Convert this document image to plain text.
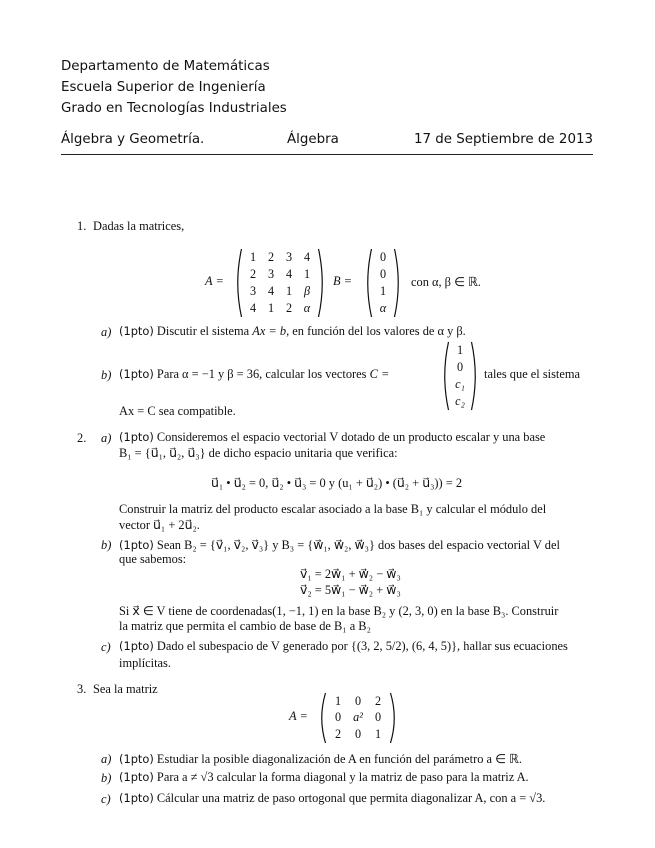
Departamento de Matemáticas
Escuela Superior de Ingeniería
Grado en Tecnologías Industriales
Álgebra y Geometría.	Álgebra	17 de Septiembre de 2013
1. Dadas la matrices,
A =
1 2 3 4
2 3 4 1
3 4 1 β
4 1 2 α
B =
0
0
1
α
con α, β ∈ ℝ.
a) (1pto) Discutir el sistema Ax = b, en función del los valores de α y β.
b) (1pto) Para α = −1 y β = 36, calcular los vectores C =
1
0
c₁
c₂
tales que el sistema
Ax = C sea compatible.
2. a) (1pto) Consideremos el espacio vectorial V dotado de un producto escalar y una base
B₁ = {u⃗₁, u⃗₂, u⃗₃} de dicho espacio unitaria que verifica:
u⃗₁ • u⃗₂ = 0, u⃗₂ • u⃗₃ = 0 y (u₁ + u⃗₂) • (u⃗₂ + u⃗₃)) = 2
Construir la matriz del producto escalar asociado a la base B₁ y calcular el módulo del
vector u⃗₁ + 2u⃗₂.
b) (1pto) Sean B₂ = {v⃗₁, v⃗₂, v⃗₃} y B₃ = {w⃗₁, w⃗₂, w⃗₃} dos bases del espacio vectorial V del
que sabemos:
v⃗₁ = 2w⃗₁ + w⃗₂ − w⃗₃
v⃗₂ = 5w⃗₁ − w⃗₂ + w⃗₃
Si x⃗ ∈ V tiene de coordenadas(1, −1, 1) en la base B₂ y (2, 3, 0) en la base B₃. Construir
la matriz que permita el cambio de base de B₁ a B₂
c) (1pto) Dado el subespacio de V generado por {(3, 2, 5/2), (6, 4, 5)}, hallar sus ecuaciones
implícitas.
3. Sea la matriz
A =
1	0	2
0 a² 0
2	0	1
a) (1pto) Estudiar la posible diagonalización de A en función del parámetro a ∈ ℝ.
b) (1pto) Para a ≠ √3 calcular la forma diagonal y la matriz de paso para la matriz A.
c) (1pto) Cálcular una matriz de paso ortogonal que permita diagonalizar A, con a = √3.
